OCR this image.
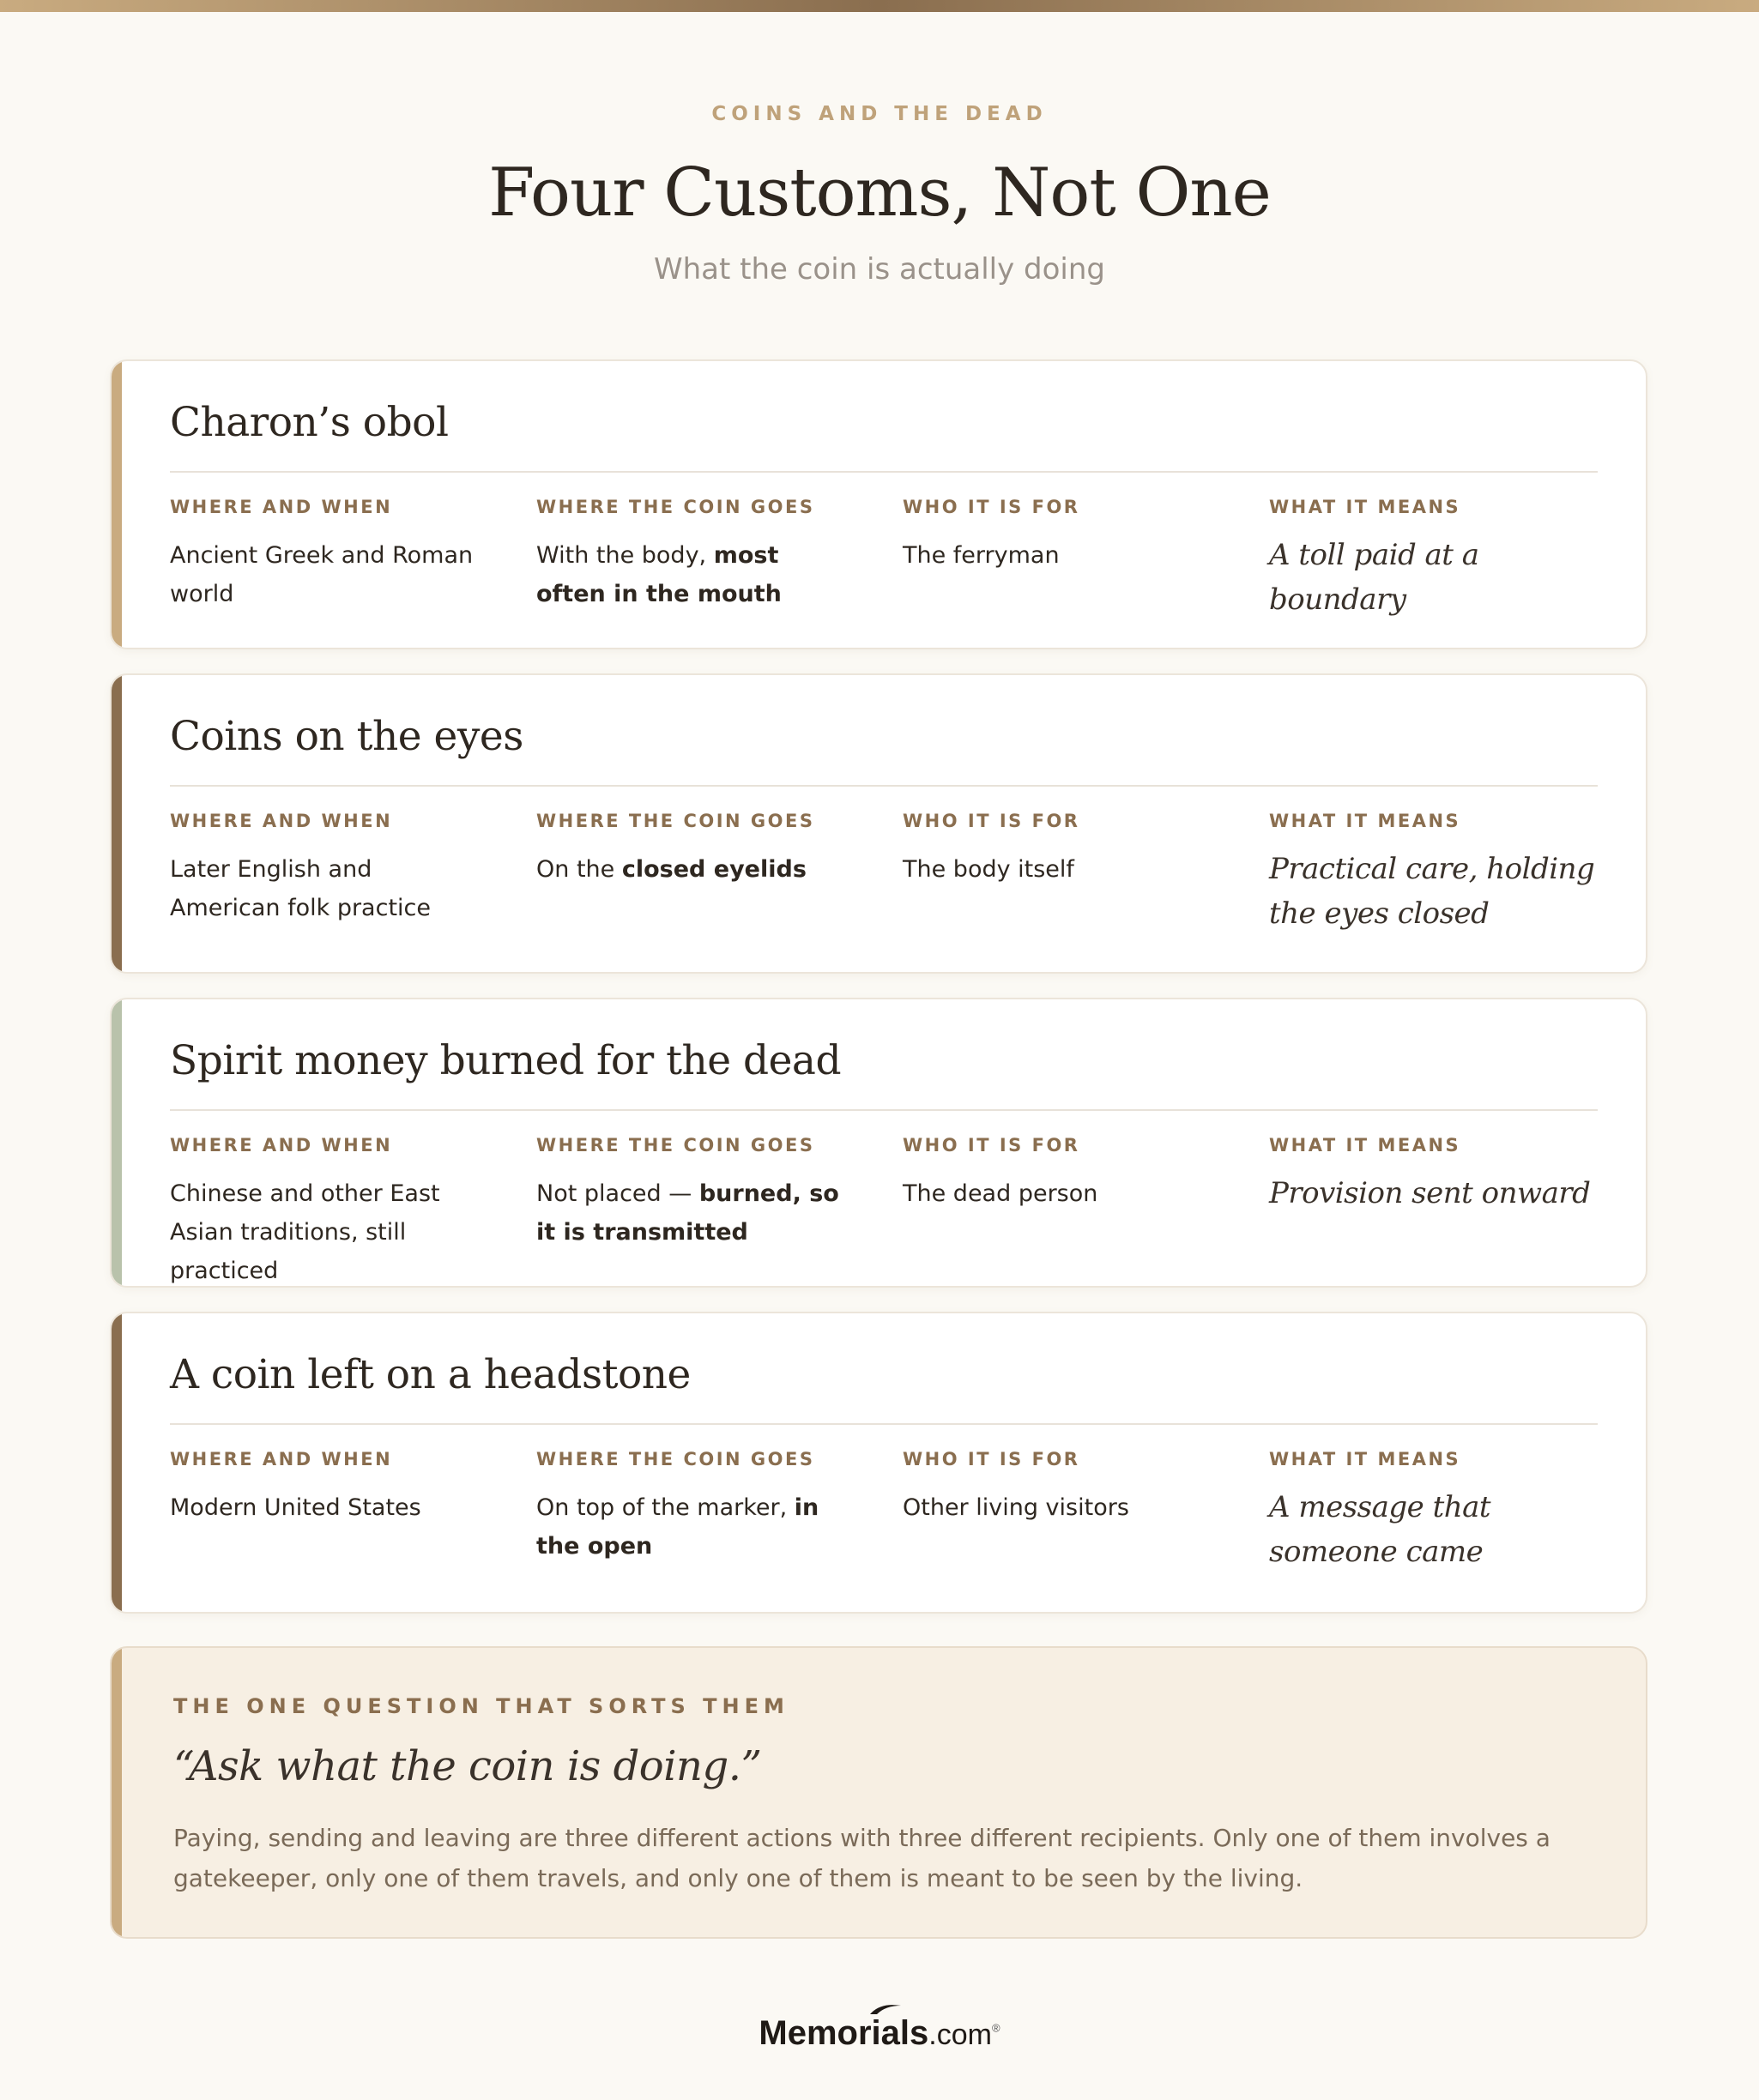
COINS AND THE DEAD
Four Customs, Not One
What the coin is actually doing
Charon’s obol
WHERE AND WHEN
Ancient Greek and Roman world
WHERE THE COIN GOES
With the body, most often in the mouth
WHO IT IS FOR
The ferryman
WHAT IT MEANS
A toll paid at a boundary
Coins on the eyes
WHERE AND WHEN
Later English and American folk practice
WHERE THE COIN GOES
On the closed eyelids
WHO IT IS FOR
The body itself
WHAT IT MEANS
Practical care, holding the eyes closed
Spirit money burned for the dead
WHERE AND WHEN
Chinese and other East Asian traditions, still practiced
WHERE THE COIN GOES
Not placed — burned, so it is transmitted
WHO IT IS FOR
The dead person
WHAT IT MEANS
Provision sent onward
A coin left on a headstone
WHERE AND WHEN
Modern United States
WHERE THE COIN GOES
On top of the marker, in the open
WHO IT IS FOR
Other living visitors
WHAT IT MEANS
A message that someone came
THE ONE QUESTION THAT SORTS THEM
“Ask what the coin is doing.”
Paying, sending and leaving are three different actions with three different recipients. Only one of them involves a gatekeeper, only one of them travels, and only one of them is meant to be seen by the living.
Memorials.com®
